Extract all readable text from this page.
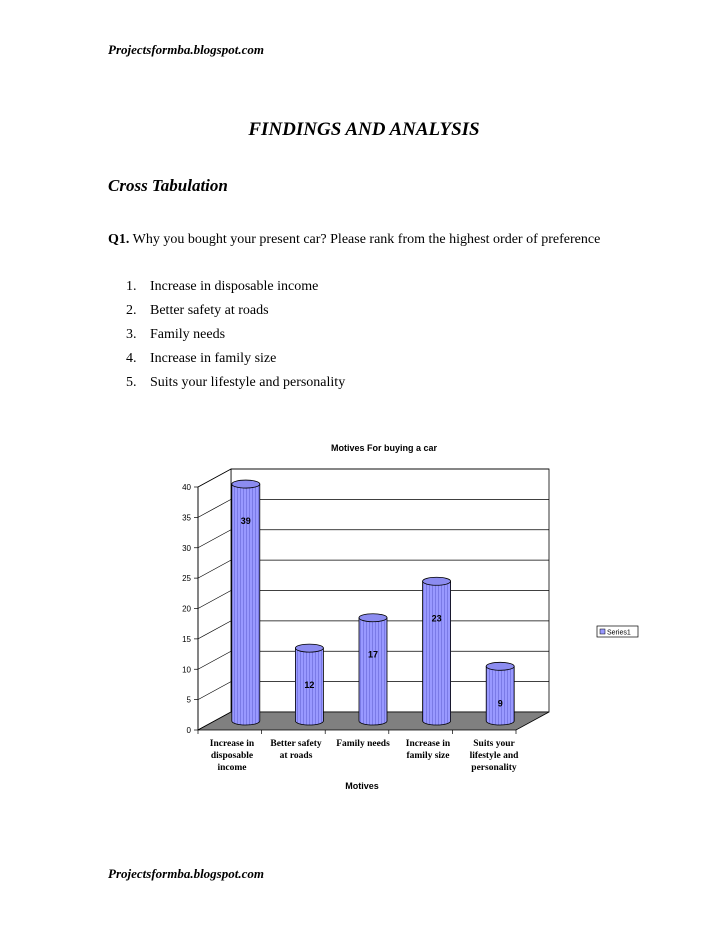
Projectsformba.blogspot.com
FINDINGS AND ANALYSIS
Cross Tabulation
Q1. Why you bought your present car? Please rank from the highest order of preference
1. Increase in disposable income
2. Better safety at roads
3. Family needs
4. Increase in family size
5. Suits your lifestyle and personality
Motives For buying a car
0
5
10
15
20
25
30
35
40
39
12
17
23
9
Increase in
disposable
income
Better safety
at roads
Family needs Increase in
family size
Suits your
lifestyle and
personality
Motives
Series1
Projectsformba.blogspot.com
